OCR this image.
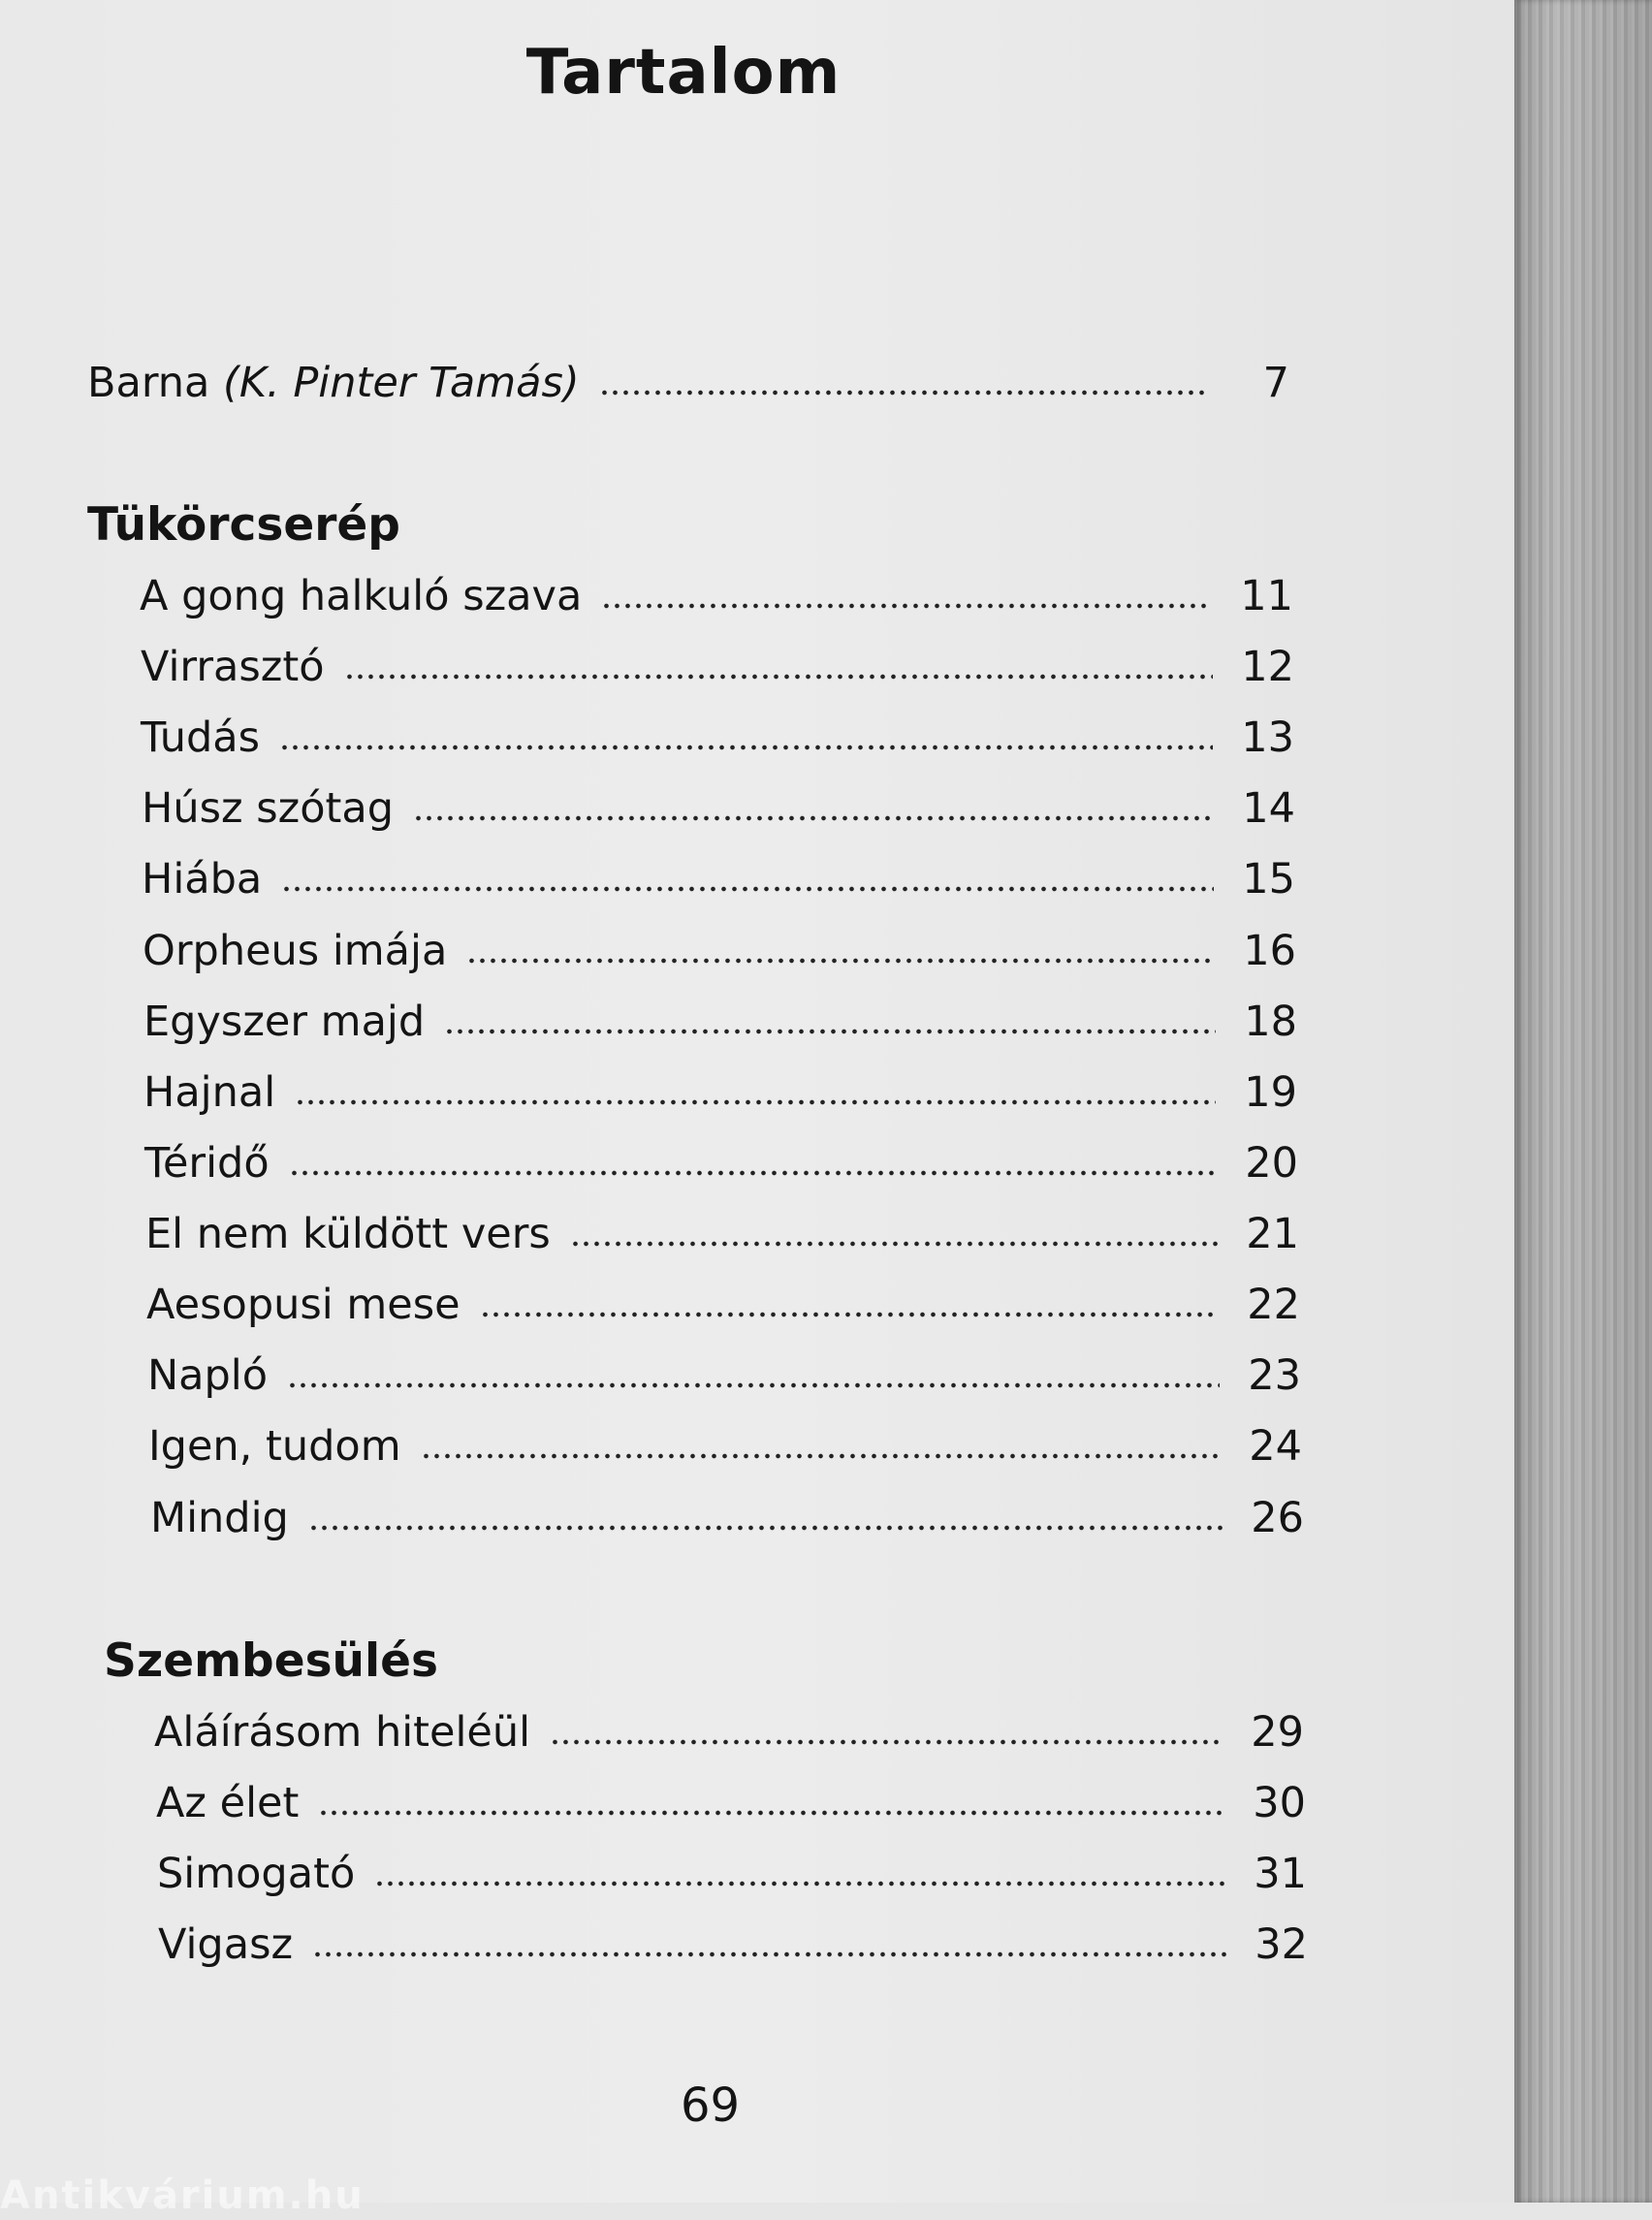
Tartalom
Barna (K. Pinter Tamás)	7
Tükörcserép
A gong halkuló szava	11
Virrasztó	12
Tudás	13
Húsz szótag	14
Hiába	15
Orpheus imája	16
Egyszer majd	18
Hajnal	19
Téridő	20
El nem küldött vers	21
Aesopusi mese	22
Napló	23
Igen, tudom	24
Mindig	26
Szembesülés
Aláírásom hiteléül	29
Az élet	30
Simogató	31
Vigasz	32
69
Antikvárium.hu
